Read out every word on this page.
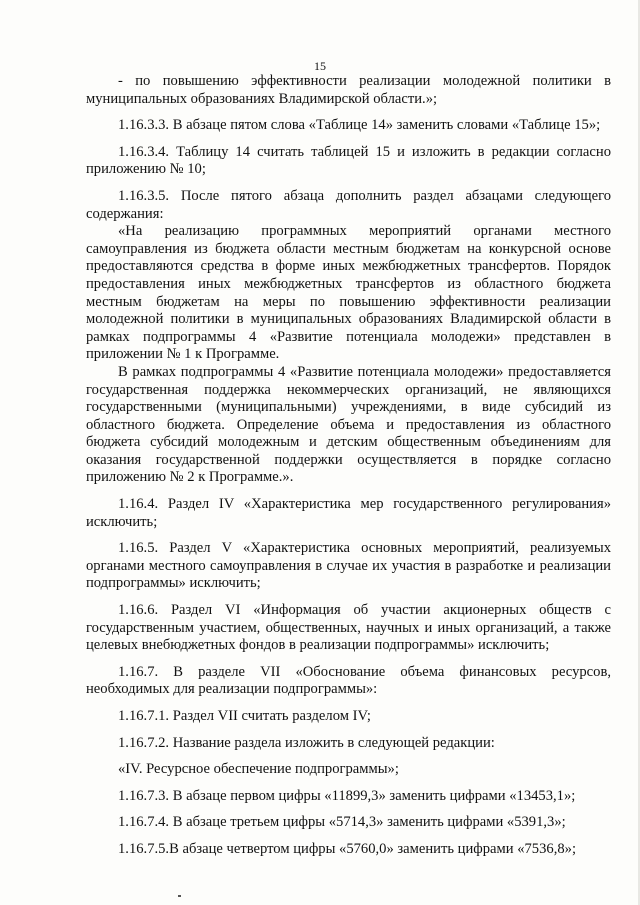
15

- по повышению эффективности реализации молодежной политики в муниципальных образованиях Владимирской области.»;

1.16.3.3. В абзаце пятом слова «Таблице 14» заменить словами «Таблице 15»;

1.16.3.4. Таблицу 14 считать таблицей 15 и изложить в редакции согласно приложению № 10;

1.16.3.5. После пятого абзаца дополнить раздел абзацами следующего содержания:

«На реализацию программных мероприятий органами местного самоуправления из бюджета области местным бюджетам на конкурсной основе предоставляются средства в форме иных межбюджетных трансфертов. Порядок предоставления иных межбюджетных трансфертов из областного бюджета местным бюджетам на меры по повышению эффективности реализации молодежной политики в муниципальных образованиях Владимирской области в рамках подпрограммы 4 «Развитие потенциала молодежи» представлен в приложении № 1 к Программе.

В рамках подпрограммы 4 «Развитие потенциала молодежи» предоставляется государственная поддержка некоммерческих организаций, не являющихся государственными (муниципальными) учреждениями, в виде субсидий из областного бюджета. Определение объема и предоставления из областного бюджета субсидий молодежным и детским общественным объединениям для оказания государственной поддержки осуществляется в порядке согласно приложению № 2 к Программе.».

1.16.4. Раздел IV «Характеристика мер государственного регулирования» исключить;

1.16.5. Раздел V «Характеристика основных мероприятий, реализуемых органами местного самоуправления в случае их участия в разработке и реализации подпрограммы» исключить;

1.16.6. Раздел VI «Информация об участии акционерных обществ с государственным участием, общественных, научных и иных организаций, а также целевых внебюджетных фондов в реализации подпрограммы» исключить;

1.16.7. В разделе VII «Обоснование объема финансовых ресурсов, необходимых для реализации подпрограммы»:

1.16.7.1. Раздел VII считать разделом IV;

1.16.7.2. Название раздела изложить в следующей редакции:

«IV. Ресурсное обеспечение подпрограммы»;

1.16.7.3. В абзаце первом цифры «11899,3» заменить цифрами «13453,1»;

1.16.7.4. В абзаце третьем цифры «5714,3» заменить цифрами «5391,3»;

1.16.7.5.В абзаце четвертом цифры «5760,0» заменить цифрами «7536,8»;
